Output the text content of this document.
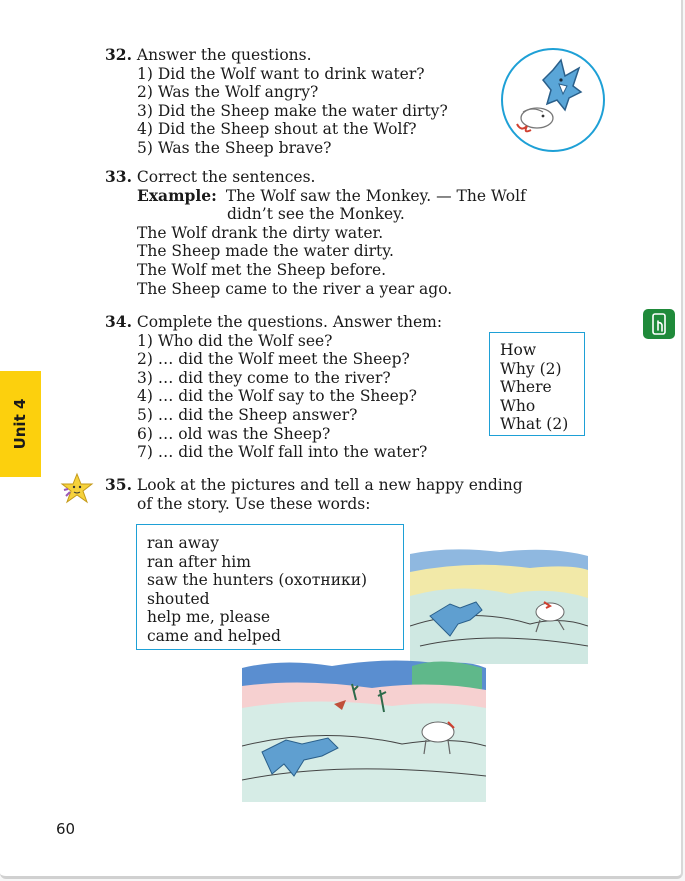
32. Answer the questions.
1) Did the Wolf want to drink water?
2) Was the Wolf angry?
3) Did the Sheep make the water dirty?
4) Did the Sheep shout at the Wolf?
5) Was the Sheep brave?
33. Correct the sentences.
Example: The Wolf saw the Monkey. — The Wolf
didn’t see the Monkey.
The Wolf drank the dirty water.
The Sheep made the water dirty.
The Wolf met the Sheep before.
The Sheep came to the river a year ago.
34. Complete the questions. Answer them:
1) Who did the Wolf see?
2) … did the Wolf meet the Sheep?
3) … did they come to the river?
4) … did the Wolf say to the Sheep?
5) … did the Sheep answer?
6) … old was the Sheep?
7) … did the Wolf fall into the water?
How
Why (2)
Where
Who
What (2)
Unit 4
35. Look at the pictures and tell a new happy ending
of the story. Use these words:
ran away
ran after him
saw the hunters (охотники)
shouted
help me, please
came and helped
60
